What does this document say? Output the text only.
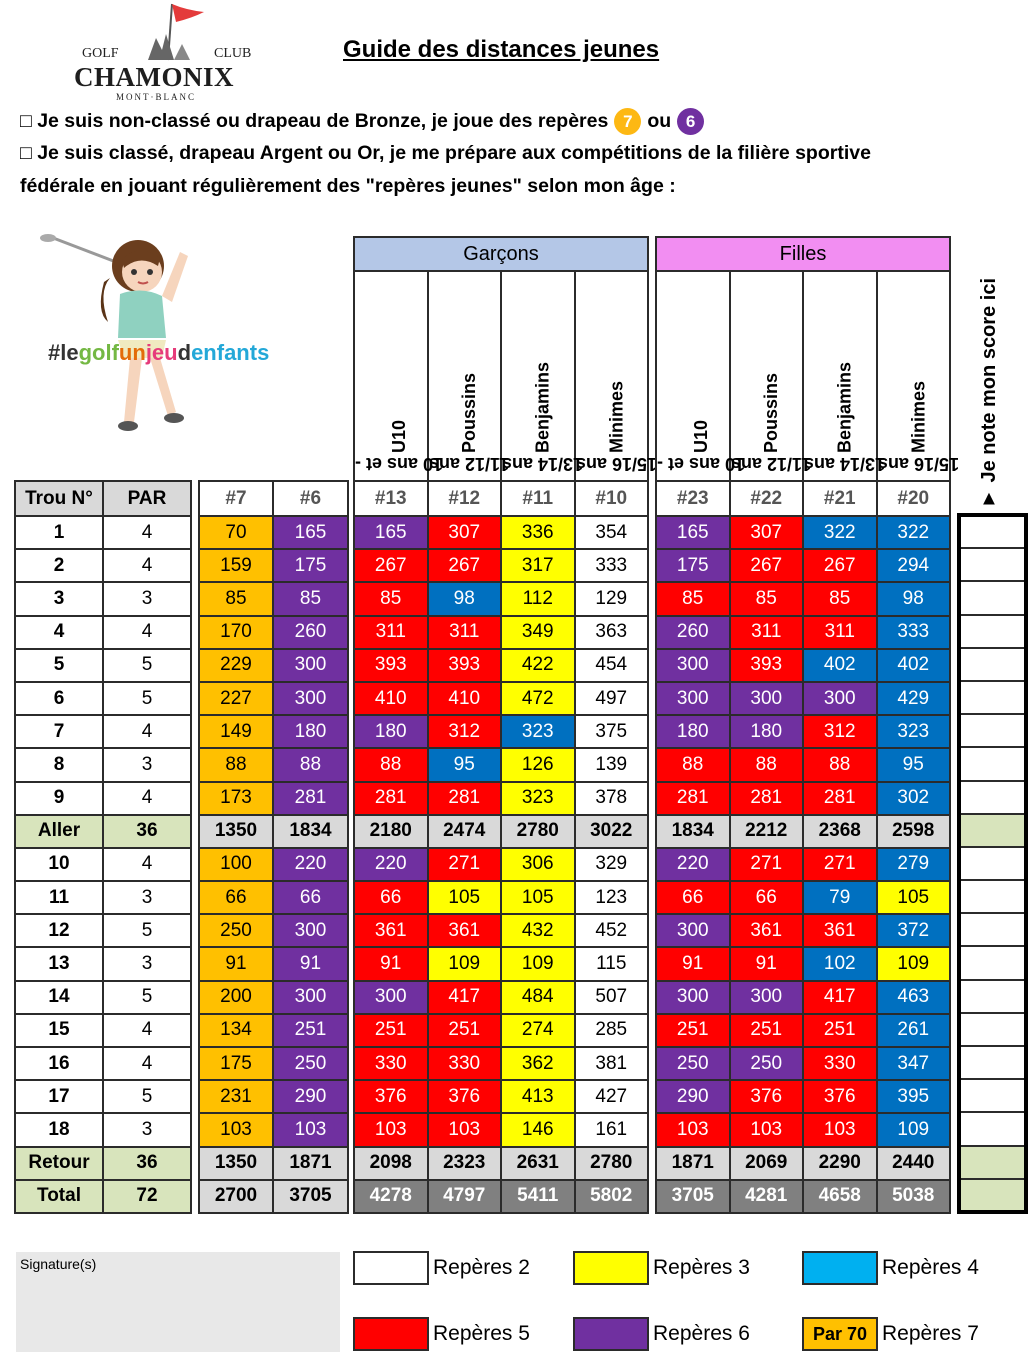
GOLF	CLUB
CHAMONIX
MONT·BLANC
Guide des distances jeunes
□ Je suis non-classé ou drapeau de Bronze, je joue des repères 7 ou 6
□ Je suis classé, drapeau Argent ou Or, je me prépare aux compétitions de la filière sportive
fédérale en jouant régulièrement des "repères jeunes" selon mon âge :
#legolfunjeudenfants
Trou N°	PAR
1	4
2	4
3	3
4	4
5	5
6	5
7	4
8	3
9	4
Aller	36
10	4
11	3
12	5
13	3
14	5
15	4
16	4
17	5
18	3
Retour	36
Total	72
#7	#6
70	165
159	175
85	85
170	260
229	300
227	300
149	180
88	88
173	281
1350	1834
100	220
66	66
250	300
91	91
200	300
134	251
175	250
231	290
103	103
1350	1871
2700	3705
Garçons			
10 ans et -U10	11/12 ansPoussins	13/14 ansBenjamins	15/16 ansMinimes
#13	#12	#11	#10
165	307	336	354
267	267	317	333
85	98	112	129
311	311	349	363
393	393	422	454
410	410	472	497
180	312	323	375
88	95	126	139
281	281	323	378
2180	2474	2780	3022
220	271	306	329
66	105	105	123
361	361	432	452
91	109	109	115
300	417	484	507
251	251	274	285
330	330	362	381
376	376	413	427
103	103	146	161
2098	2323	2631	2780
4278	4797	5411	5802
Filles			
10 ans et -U10	11/12 ansPoussins	13/14 ansBenjamins	15/16 ansMinimes
#23	#22	#21	#20
165	307	322	322
175	267	267	294
85	85	85	98
260	311	311	333
300	393	402	402
300	300	300	429
180	180	312	323
88	88	88	95
281	281	281	302
1834	2212	2368	2598
220	271	271	279
66	66	79	105
300	361	361	372
91	91	102	109
300	300	417	463
251	251	251	261
250	250	330	347
290	376	376	395
103	103	103	109
1871	2069	2290	2440
3705	4281	4658	5038
▼ Je note mon score ici

Signature(s)	Repères 2	Repères 3	Repères 4
Repères 5	Repères 6	Par 70 Repères 7
